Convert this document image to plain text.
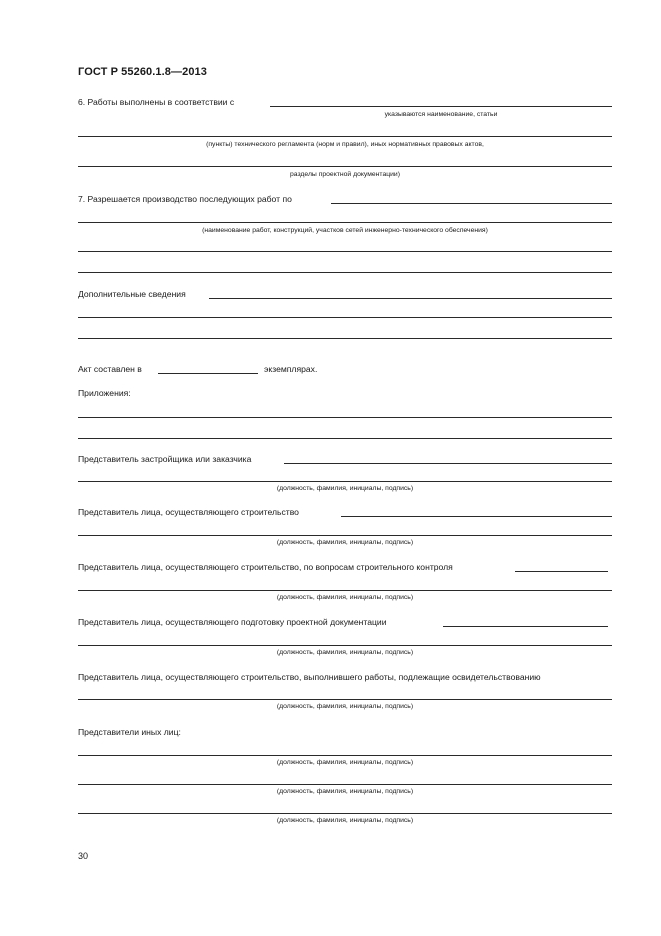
ГОСТ Р 55260.1.8—2013
6. Работы выполнены в соответствии с
указываются наименование, статьи
(пункты) технического регламента (норм и правил), иных нормативных правовых актов,
разделы проектной документации)
7. Разрешается производство последующих работ по
(наименование работ, конструкций, участков сетей инженерно-технического обеспечения)
Дополнительные сведения
Акт составлен в	экземплярах.
Приложения:
Представитель застройщика или заказчика
(должность, фамилия, инициалы, подпись)
Представитель лица, осуществляющего строительство
(должность, фамилия, инициалы, подпись)
Представитель лица, осуществляющего строительство, по вопросам строительного контроля
(должность, фамилия, инициалы, подпись)
Представитель лица, осуществляющего подготовку проектной документации
(должность, фамилия, инициалы, подпись)
Представитель лица, осуществляющего строительство, выполнившего работы, подлежащие освидетельствованию
(должность, фамилия, инициалы, подпись)
Представители иных лиц:
(должность, фамилия, инициалы, подпись)
(должность, фамилия, инициалы, подпись)
(должность, фамилия, инициалы, подпись)
30
